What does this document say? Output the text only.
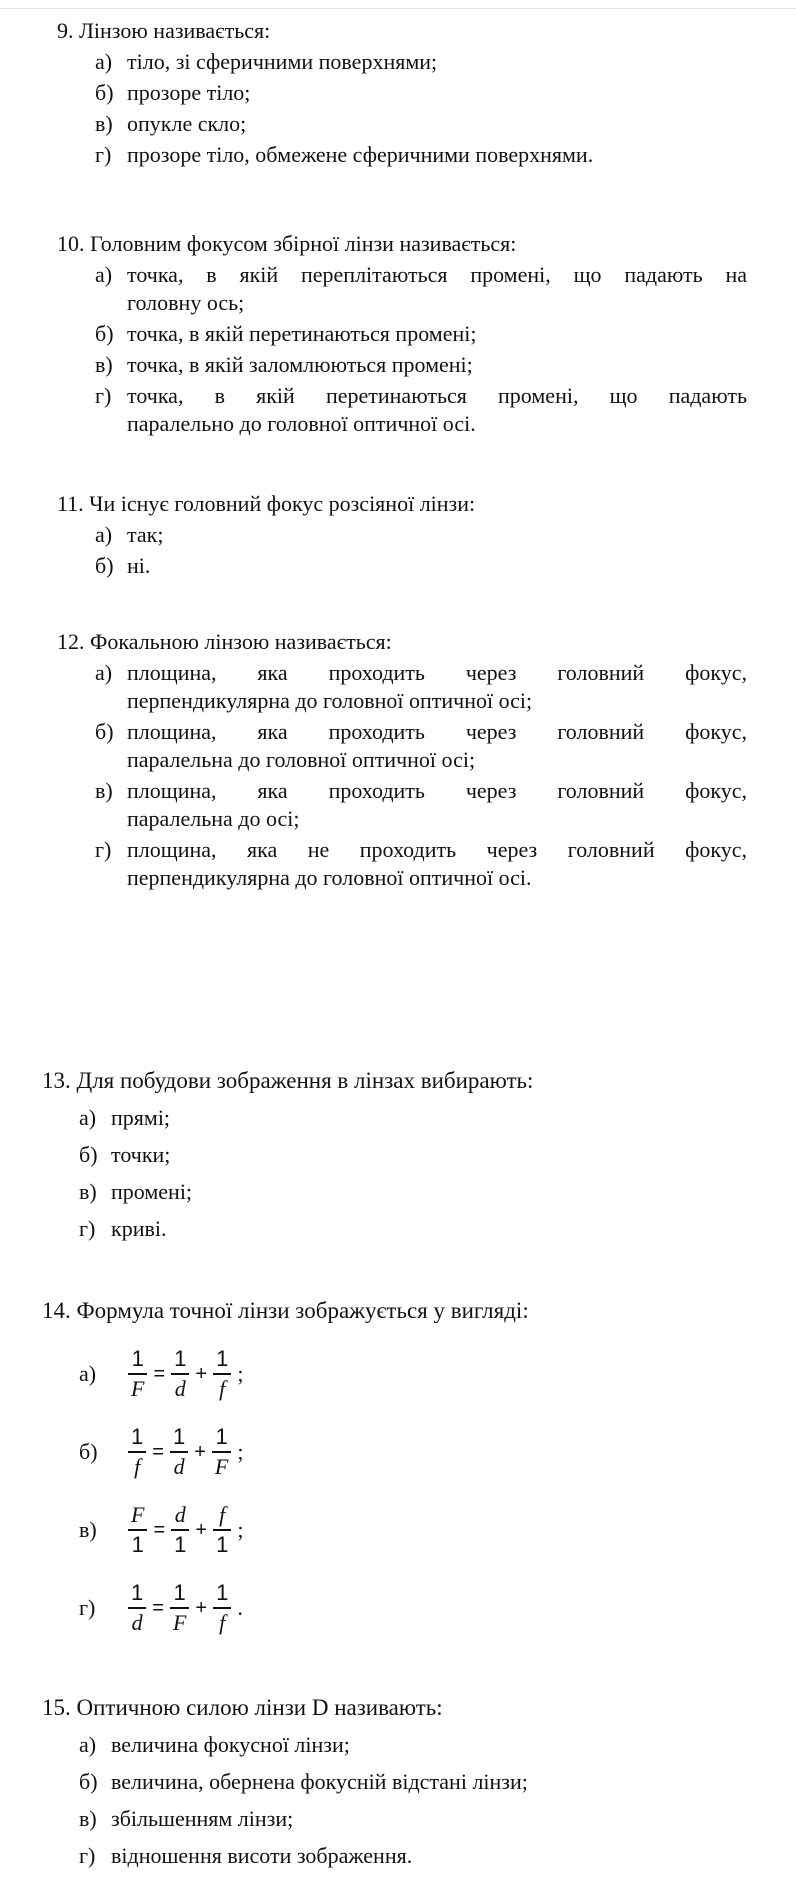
9. Лінзою називається:
а) тіло, зі сферичними поверхнями;
б) прозоре тіло;
в) опукле скло;
г) прозоре тіло, обмежене сферичними поверхнями.
10. Головним фокусом збірної лінзи називається:
а) точка, в якій переплітаються промені, що падають на
головну ось;
б) точка, в якій перетинаються промені;
в) точка, в якій заломлюються промені;
г) точка, в якій перетинаються промені, що падають
паралельно до головної оптичної осі.
11. Чи існує головний фокус розсіяної лінзи:
а) так;
б) ні.
12. Фокальною лінзою називається:
а) площина, яка проходить через головний фокус,
перпендикулярна до головної оптичної осі;
б) площина, яка проходить через головний фокус,
паралельна до головної оптичної осі;
в) площина, яка проходить через головний фокус,
паралельна до осі;
г) площина, яка не проходить через головний фокус,
перпендикулярна до головної оптичної осі.
13. Для побудови зображення в лінзах вибирають:
а) прямі;
б) точки;
в) промені;
г) криві.
14. Формула точної лінзи зображується у вигляді:
а)	$\frac{1}{F} = \frac{1}{d} + \frac{1}{f}$ ;
б)	$\frac{1}{f} = \frac{1}{d} + \frac{1}{F}$ ;
в)	$\frac{F}{1} = \frac{d}{1} + \frac{f}{1}$ ;
г)	$\frac{1}{d} = \frac{1}{F} + \frac{1}{f}$ .
15. Оптичною силою лінзи D називають:
а) величина фокусної лінзи;
б) величина, обернена фокусній відстані лінзи;
в) збільшенням лінзи;
г) відношення висоти зображення.
